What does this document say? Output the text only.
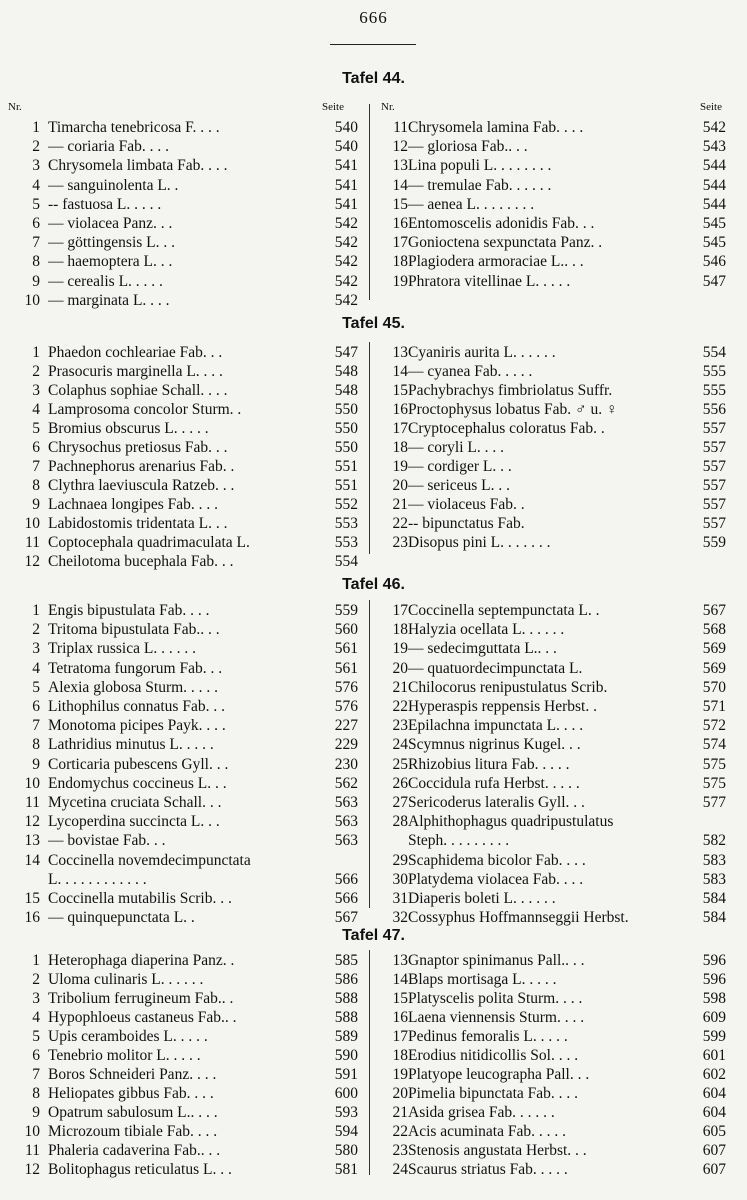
666
Nr.	Seite	Nr.	Seite
Tafel 44.
1 Timarcha tenebricosa F. . . .	540
2 — coriaria Fab. . . .	540
3 Chrysomela limbata Fab. . . .	541
4 — sanguinolenta L. .	541
5 -- fastuosa L. . . . .	541
6 — violacea Panz. . .	542
7 — göttingensis L. . .	542
8 — haemoptera L. . .	542
9 — cerealis L. . . . .	542
10 — marginata L. . . .	542
11 Chrysomela lamina Fab. . . .	542
12 — gloriosa Fab.. . .	543
13 Lina populi L. . . . . . . .	544
14 — tremulae Fab. . . . . .	544
15 — aenea L. . . . . . . .	544
16 Entomoscelis adonidis Fab. . .	545
17 Gonioctena sexpunctata Panz. .	545
18 Plagiodera armoraciae L.. . .	546
19 Phratora vitellinae L. . . . .	547
Tafel 45.
1 Phaedon cochleariae Fab. . .	547
2 Prasocuris marginella L. . . .	548
3 Colaphus sophiae Schall. . . .	548
4 Lamprosoma concolor Sturm. .	550
5 Bromius obscurus L. . . . .	550
6 Chrysochus pretiosus Fab. . .	550
7 Pachnephorus arenarius Fab. .	551
8 Clythra laeviuscula Ratzeb. . .	551
9 Lachnaea longipes Fab. . . .	552
10 Labidostomis tridentata L. . .	553
11 Coptocephala quadrimaculata L.	553
12 Cheilotoma bucephala Fab. . .	554
13 Cyaniris aurita L. . . . . .	554
14 — cyanea Fab. . . . .	555
15 Pachybrachys fimbriolatus Suffr.	555
16 Proctophysus lobatus Fab. ♂ u. ♀	556
17 Cryptocephalus coloratus Fab. .	557
18 — coryli L. . . .	557
19 — cordiger L. . .	557
20 — sericeus L. . .	557
21 — violaceus Fab. .	557
22 -- bipunctatus Fab.	557
23 Disopus pini L. . . . . . .	559
Tafel 46.
1 Engis bipustulata Fab. . . .	559
2 Tritoma bipustulata Fab.. . .	560
3 Triplax russica L. . . . . .	561
4 Tetratoma fungorum Fab. . .	561
5 Alexia globosa Sturm. . . . .	576
6 Lithophilus connatus Fab. . .	576
7 Monotoma picipes Payk. . . .	227
8 Lathridius minutus L. . . . .	229
9 Corticaria pubescens Gyll. . .	230
10 Endomychus coccineus L. . .	562
11 Mycetina cruciata Schall. . .	563
12 Lycoperdina succincta L. . .	563
13 — bovistae Fab. . .	563
14 Coccinella novemdecimpunctata
L. . . . . . . . . . . .	566
15 Coccinella mutabilis Scrib. . .	566
16 — quinquepunctata L. .	567
17 Coccinella septempunctata L. .	567
18 Halyzia ocellata L. . . . . .	568
19 — sedecimguttata L.. . .	569
20 — quatuordecimpunctata L.	569
21 Chilocorus renipustulatus Scrib.	570
22 Hyperaspis reppensis Herbst. .	571
23 Epilachna impunctata L. . . .	572
24 Scymnus nigrinus Kugel. . .	574
25 Rhizobius litura Fab. . . . .	575
26 Coccidula rufa Herbst. . . . .	575
27 Sericoderus lateralis Gyll. . .	577
28 Alphithophagus quadripustulatus
Steph. . . . . . . . .	582
29 Scaphidema bicolor Fab. . . .	583
30 Platydema violacea Fab. . . .	583
31 Diaperis boleti L. . . . . .	584
32 Cossyphus Hoffmannseggii Herbst.	584
Tafel 47.
1 Heterophaga diaperina Panz. .	585
2 Uloma culinaris L. . . . . .	586
3 Tribolium ferrugineum Fab.. .	588
4 Hypophloeus castaneus Fab.. .	588
5 Upis ceramboides L. . . . .	589
6 Tenebrio molitor L. . . . .	590
7 Boros Schneideri Panz. . . .	591
8 Heliopates gibbus Fab. . . .	600
9 Opatrum sabulosum L.. . . .	593
10 Microzoum tibiale Fab. . . .	594
11 Phaleria cadaverina Fab.. . .	580
12 Bolitophagus reticulatus L. . .	581
13 Gnaptor spinimanus Pall.. . .	596
14 Blaps mortisaga L. . . . .	596
15 Platyscelis polita Sturm. . . .	598
16 Laena viennensis Sturm. . . .	609
17 Pedinus femoralis L. . . . .	599
18 Erodius nitidicollis Sol. . . .	601
19 Platyope leucographa Pall. . .	602
20 Pimelia bipunctata Fab. . . .	604
21 Asida grisea Fab. . . . . .	604
22 Acis acuminata Fab. . . . .	605
23 Stenosis angustata Herbst. . .	607
24 Scaurus striatus Fab. . . . .	607
